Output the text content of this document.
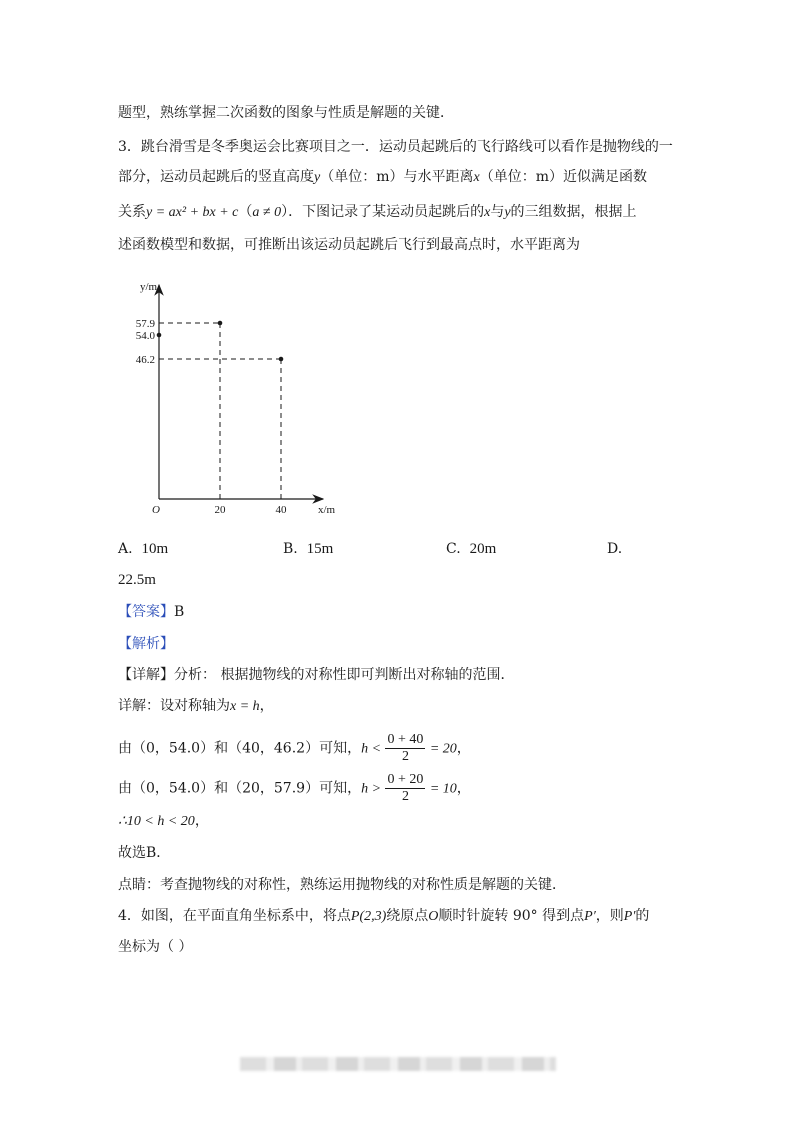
题型，熟练掌握二次函数的图象与性质是解题的关键．
3．跳台滑雪是冬季奥运会比赛项目之一．运动员起跳后的飞行路线可以看作是抛物线的一
部分，运动员起跳后的竖直高度y（单位：m）与水平距离x（单位：m）近似满足函数
关系y = ax² + bx + c（a ≠ 0）．下图记录了某运动员起跳后的x与y的三组数据，根据上
述函数模型和数据，可推断出该运动员起跳后飞行到最高点时，水平距离为
y/m
x/m
O
57.9
54.0
46.2
20	40
A. 10m	B. 15m	C. 20m	D.
22.5m
【答案】B
【解析】
【详解】分析： 根据抛物线的对称性即可判断出对称轴的范围．
详解：设对称轴为x = h，
由（0，54.0）和（40，46.2）可知，$h < \frac{0 + 40}{2} = 20$，
由（0，54.0）和（20，57.9）可知，$h > \frac{0 + 20}{2} = 10$，
∴10 < h < 20，
故选B．
点睛：考查抛物线的对称性，熟练运用抛物线的对称性质是解题的关键．
4．如图，在平面直角坐标系中，将点P(2,3)绕原点O顺时针旋转 90° 得到点P′，则P′的
坐标为（ ）
